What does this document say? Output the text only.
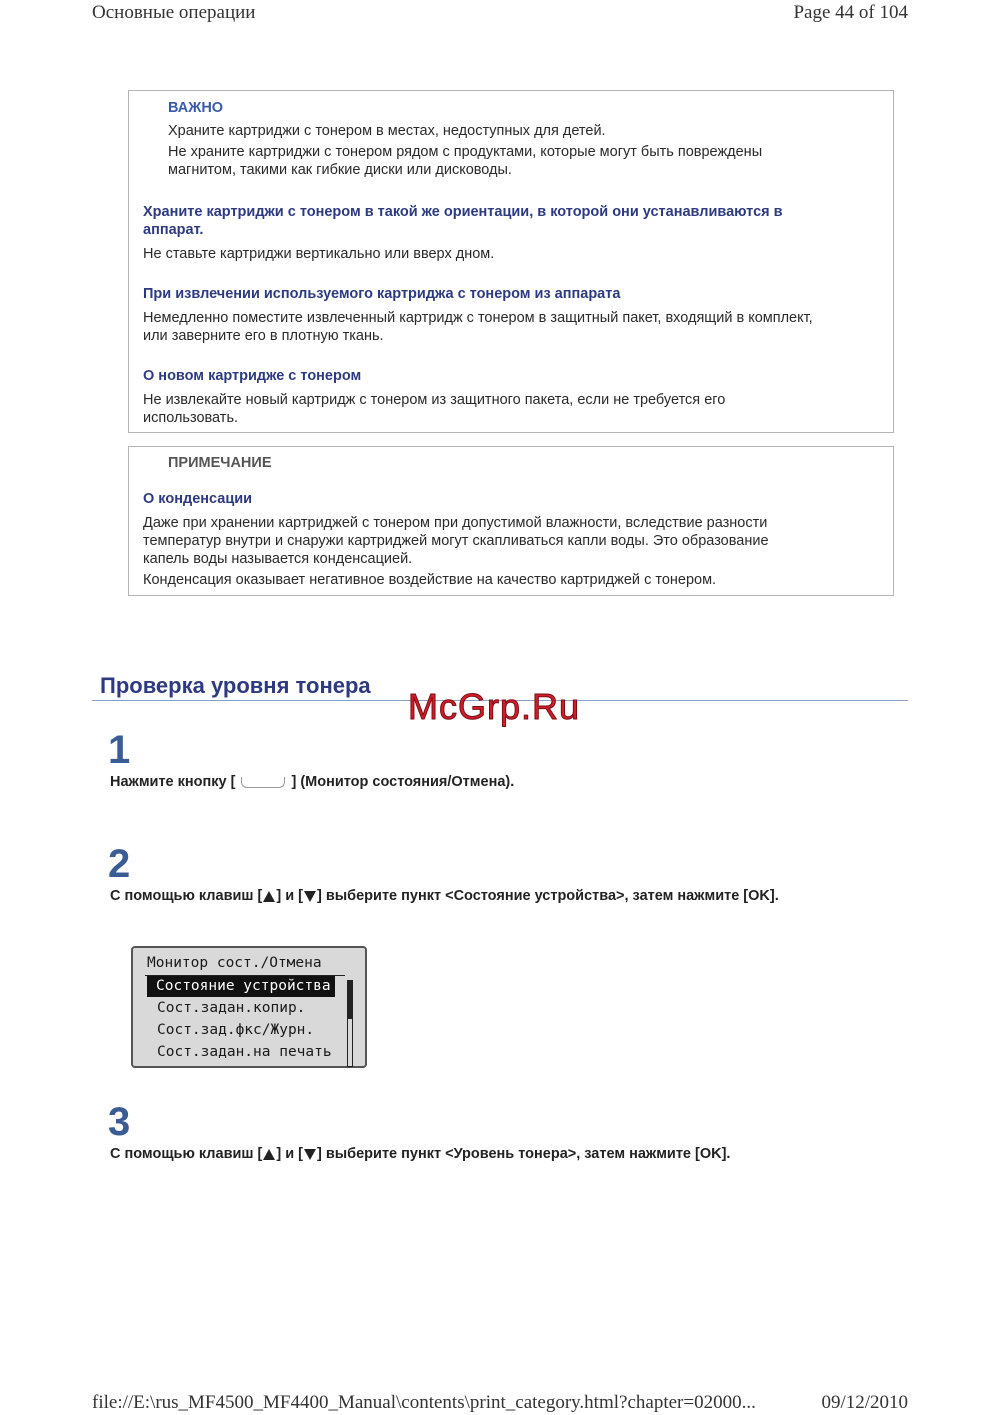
Основные операции	Page 44 of 104
ВАЖНО
Храните картриджи с тонером в местах, недоступных для детей.
Не храните картриджи с тонером рядом с продуктами, которые могут быть повреждены
магнитом, такими как гибкие диски или дисководы.
Храните картриджи с тонером в такой же ориентации, в которой они устанавливаются в
аппарат.
Не ставьте картриджи вертикально или вверх дном.
При извлечении используемого картриджа с тонером из аппарата
Немедленно поместите извлеченный картридж с тонером в защитный пакет, входящий в комплект,
или заверните его в плотную ткань.
О новом картридже с тонером
Не извлекайте новый картридж с тонером из защитного пакета, если не требуется его
использовать.
ПРИМЕЧАНИЕ
О конденсации
Даже при хранении картриджей с тонером при допустимой влажности, вследствие разности
температур внутри и снаружи картриджей могут скапливаться капли воды. Это образование
капель воды называется конденсацией.
Конденсация оказывает негативное воздействие на качество картриджей с тонером.
Проверка уровня тонера
McGrp.Ru
1
Нажмите кнопку [	] (Монитор состояния/Отмена).
2
С помощью клавиш [ ] и [ ] выберите пункт <Состояние устройства>, затем нажмите [OK].
Монитор сост./Отмена
Состояние устройства
Сост.задан.копир.
Сост.зад.фкс/Журн.
Сост.задан.на печать
3
С помощью клавиш [ ] и [ ] выберите пункт <Уровень тонера>, затем нажмите [OK].
file://E:\rus_MF4500_MF4400_Manual\contents\print_category.html?chapter=02000...	09/12/2010
